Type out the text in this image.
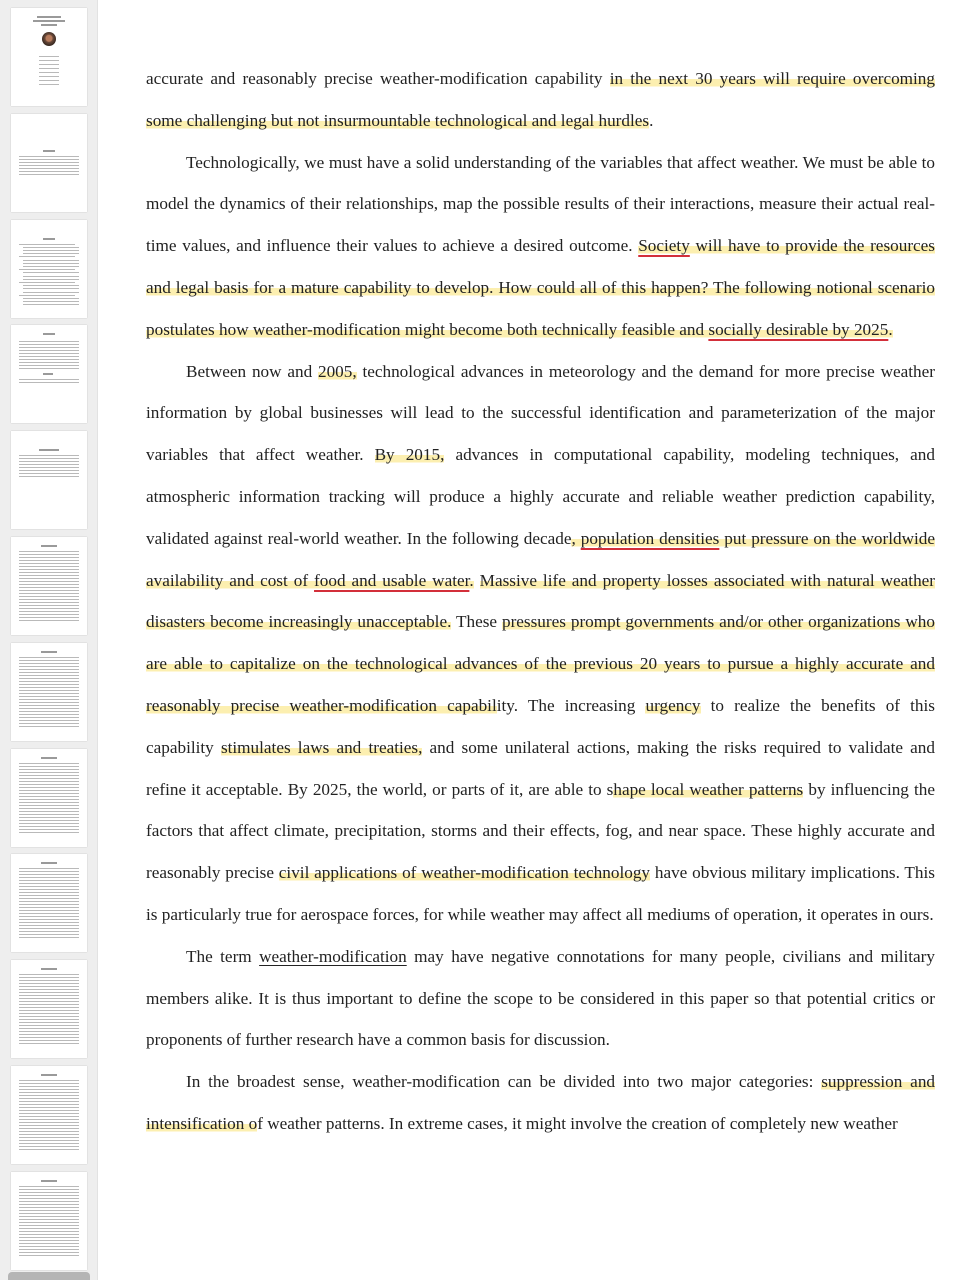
accurate and reasonably precise weather-modification capability in the next 30 years will require overcoming some challenging but not insurmountable technological and legal hurdles.

Technologically, we must have a solid understanding of the variables that affect weather. We must be able to model the dynamics of their relationships, map the possible results of their interactions, measure their actual real-time values, and influence their values to achieve a desired outcome. Society will have to provide the resources and legal basis for a mature capability to develop. How could all of this happen? The following notional scenario postulates how weather-modification might become both technically feasible and socially desirable by 2025.

Between now and 2005, technological advances in meteorology and the demand for more precise weather information by global businesses will lead to the successful identification and parameterization of the major variables that affect weather. By 2015, advances in computational capability, modeling techniques, and atmospheric information tracking will produce a highly accurate and reliable weather prediction capability, validated against real-world weather. In the following decade, population densities put pressure on the worldwide availability and cost of food and usable water. Massive life and property losses associated with natural weather disasters become increasingly unacceptable. These pressures prompt governments and/or other organizations who are able to capitalize on the technological advances of the previous 20 years to pursue a highly accurate and reasonably precise weather-modification capability. The increasing urgency to realize the benefits of this capability stimulates laws and treaties, and some unilateral actions, making the risks required to validate and refine it acceptable. By 2025, the world, or parts of it, are able to shape local weather patterns by influencing the factors that affect climate, precipitation, storms and their effects, fog, and near space. These highly accurate and reasonably precise civil applications of weather-modification technology have obvious military implications. This is particularly true for aerospace forces, for while weather may affect all mediums of operation, it operates in ours.

The term weather-modification may have negative connotations for many people, civilians and military members alike. It is thus important to define the scope to be considered in this paper so that potential critics or proponents of further research have a common basis for discussion.

In the broadest sense, weather-modification can be divided into two major categories: suppression and intensification of weather patterns. In extreme cases, it might involve the creation of completely new weather
